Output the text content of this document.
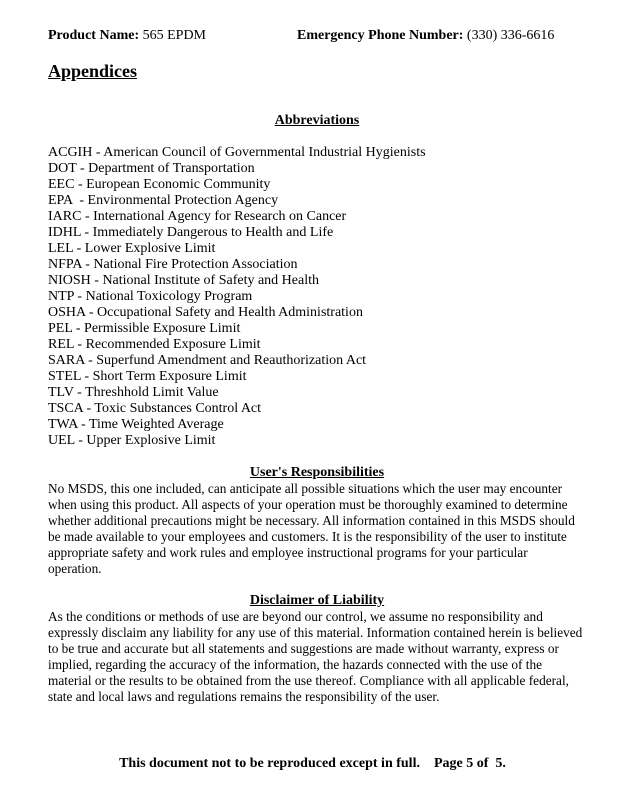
Product Name: 565 EPDM	Emergency Phone Number: (330) 336-6616
Appendices
Abbreviations
ACGIH - American Council of Governmental Industrial Hygienists
DOT - Department of Transportation
EEC - European Economic Community
EPA  - Environmental Protection Agency
IARC - International Agency for Research on Cancer
IDHL - Immediately Dangerous to Health and Life
LEL - Lower Explosive Limit
NFPA - National Fire Protection Association
NIOSH - National Institute of Safety and Health
NTP - National Toxicology Program
OSHA - Occupational Safety and Health Administration
PEL - Permissible Exposure Limit
REL - Recommended Exposure Limit
SARA - Superfund Amendment and Reauthorization Act
STEL - Short Term Exposure Limit
TLV - Threshhold Limit Value
TSCA - Toxic Substances Control Act
TWA - Time Weighted Average
UEL - Upper Explosive Limit
User's Responsibilities

No MSDS, this one included, can anticipate all possible situations which the user may encounter when using this product. All aspects of your operation must be thoroughly examined to determine whether additional precautions might be necessary. All information contained in this MSDS should be made available to your employees and customers. It is the responsibility of the user to institute appropriate safety and work rules and employee instructional programs for your particular operation.

Disclaimer of Liability

As the conditions or methods of use are beyond our control, we assume no responsibility and expressly disclaim any liability for any use of this material. Information contained herein is believed to be true and accurate but all statements and suggestions are made without warranty, express or implied, regarding the accuracy of the information, the hazards connected with the use of the material or the results to be obtained from the use thereof. Compliance with all applicable federal, state and local laws and regulations remains the responsibility of the user.

This document not to be reproduced except in full. Page 5 of  5.
